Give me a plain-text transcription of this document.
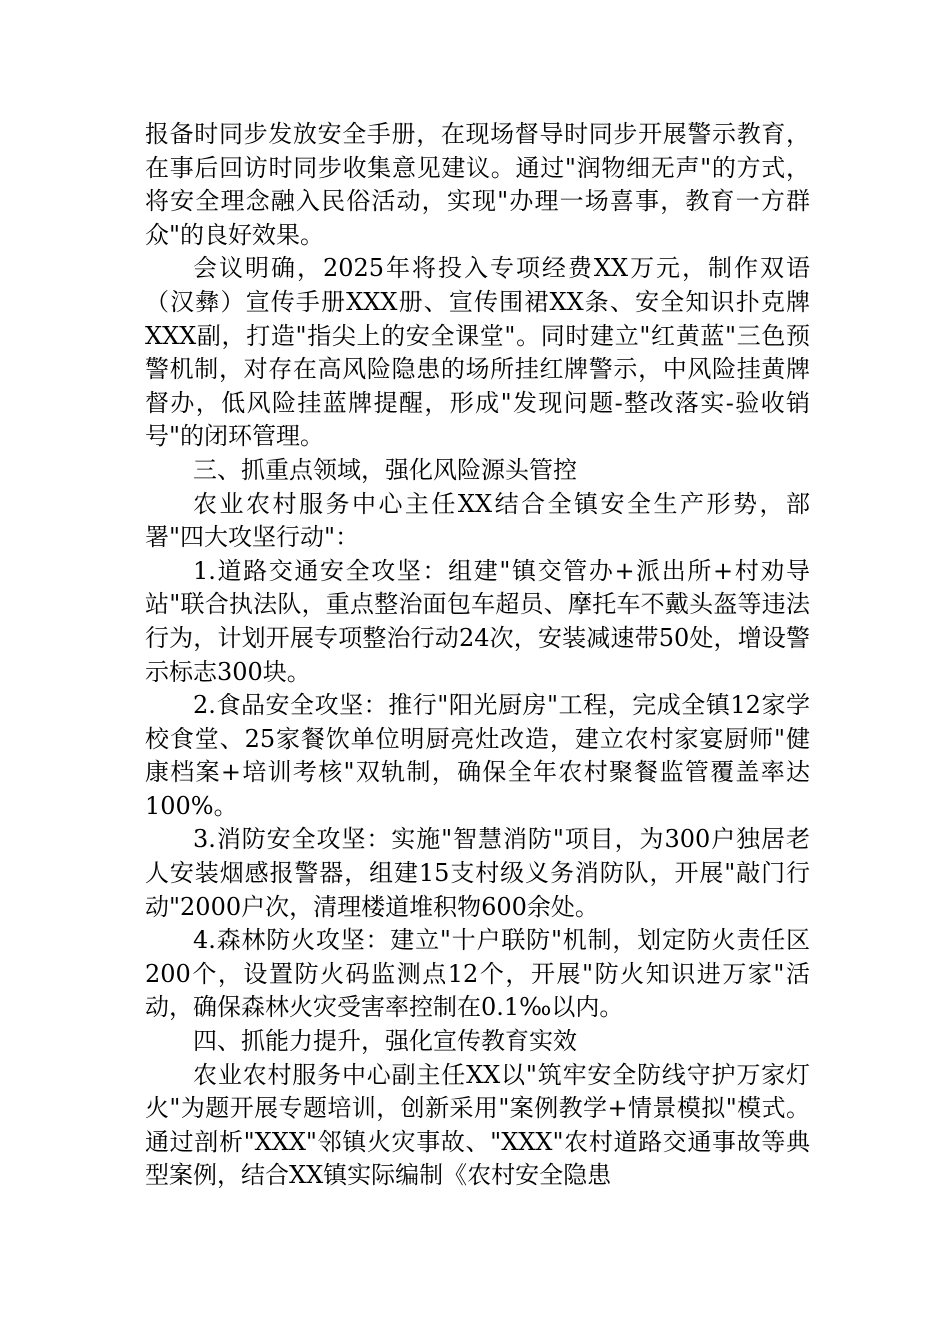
报备时同步发放安全手册，在现场督导时同步开展警示教育，在事后回访时同步收集意见建议。通过"润物细无声"的方式，将安全理念融入民俗活动，实现"办理一场喜事，教育一方群众"的良好效果。

会议明确，2025年将投入专项经费XX万元，制作双语（汉彝）宣传手册XXX册、宣传围裙XX条、安全知识扑克牌XXX副，打造"指尖上的安全课堂"。同时建立"红黄蓝"三色预警机制，对存在高风险隐患的场所挂红牌警示，中风险挂黄牌督办，低风险挂蓝牌提醒，形成"发现问题-整改落实-验收销号"的闭环管理。

三、抓重点领域，强化风险源头管控

农业农村服务中心主任XX结合全镇安全生产形势，部署"四大攻坚行动"：

1.道路交通安全攻坚：组建"镇交管办+派出所+村劝导站"联合执法队，重点整治面包车超员、摩托车不戴头盔等违法行为，计划开展专项整治行动24次，安装减速带50处，增设警示标志300块。

2.食品安全攻坚：推行"阳光厨房"工程，完成全镇12家学校食堂、25家餐饮单位明厨亮灶改造，建立农村家宴厨师"健康档案+培训考核"双轨制，确保全年农村聚餐监管覆盖率达100%。

3.消防安全攻坚：实施"智慧消防"项目，为300户独居老人安装烟感报警器，组建15支村级义务消防队，开展"敲门行动"2000户次，清理楼道堆积物600余处。

4.森林防火攻坚：建立"十户联防"机制，划定防火责任区200个，设置防火码监测点12个，开展"防火知识进万家"活动，确保森林火灾受害率控制在0.1‰以内。

四、抓能力提升，强化宣传教育实效

农业农村服务中心副主任XX以"筑牢安全防线守护万家灯火"为题开展专题培训，创新采用"案例教学+情景模拟"模式。通过剖析"XXX"邻镇火灾事故、"XXX"农村道路交通事故等典型案例，结合XX镇实际编制《农村安全隐患
